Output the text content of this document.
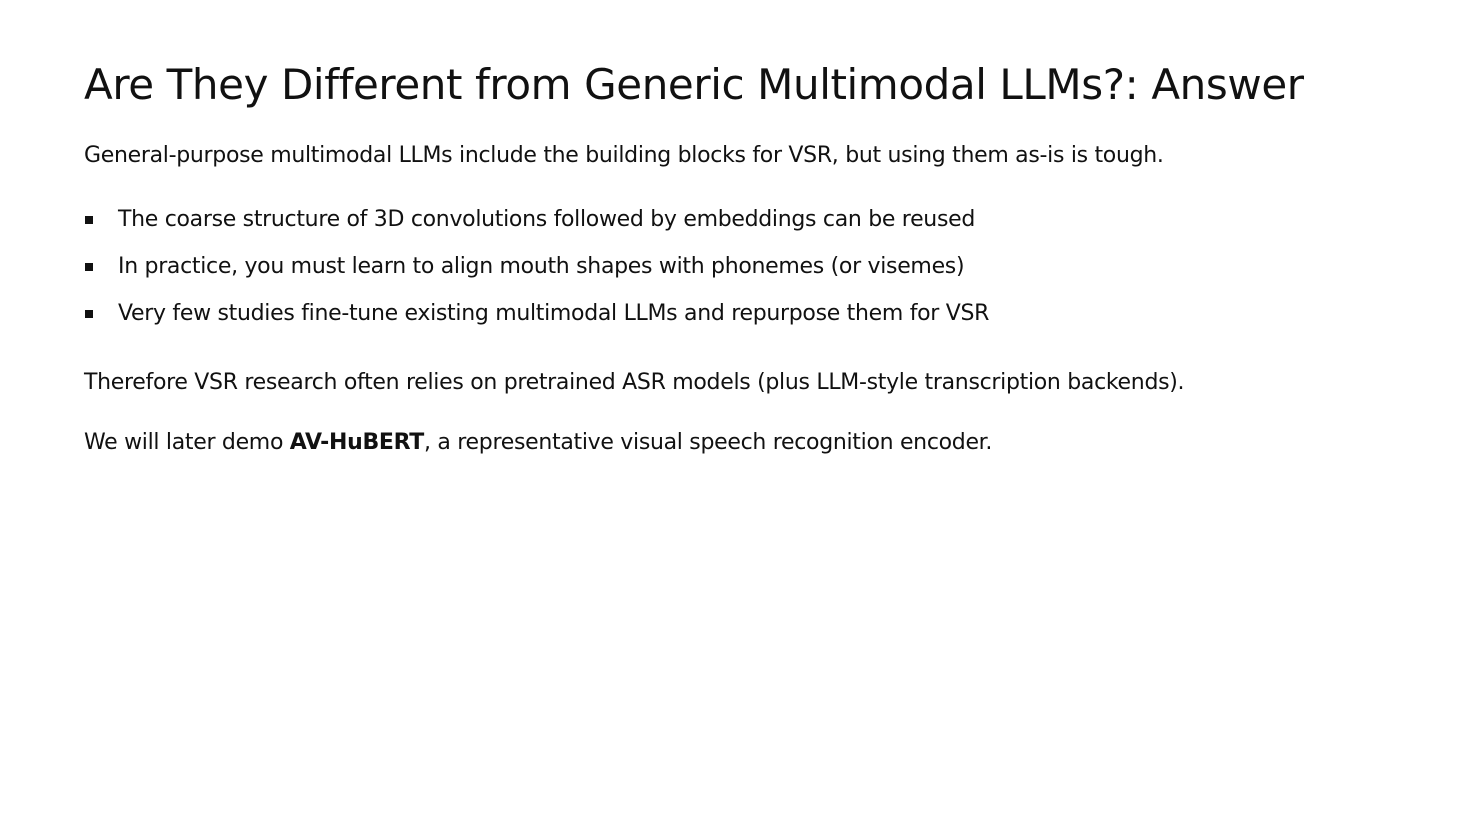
Are They Different from Generic Multimodal LLMs?: Answer

General-purpose multimodal LLMs include the building blocks for VSR, but using them as-is is tough.

The coarse structure of 3D convolutions followed by embeddings can be reused
In practice, you must learn to align mouth shapes with phonemes (or visemes)
Very few studies fine-tune existing multimodal LLMs and repurpose them for VSR

Therefore VSR research often relies on pretrained ASR models (plus LLM-style transcription backends).

We will later demo AV-HuBERT, a representative visual speech recognition encoder.
